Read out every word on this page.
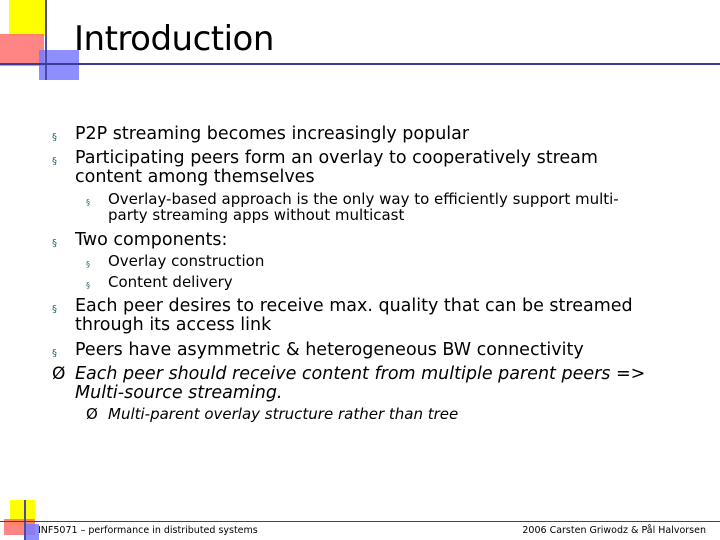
Introduction
§ P2P streaming becomes increasingly popular
§ Participating peers form an overlay to cooperatively stream
content among themselves
§ Overlay-based approach is the only way to efficiently support multi-
party streaming apps without multicast
§ Two components:
§ Overlay construction
§ Content delivery
§ Each peer desires to receive max. quality that can be streamed
through its access link
§ Peers have asymmetric & heterogeneous BW connectivity
Ø Each peer should receive content from multiple parent peers =>
Multi-source streaming.
Ø Multi-parent overlay structure rather than tree
INF5071 – performance in distributed systems	2006 Carsten Griwodz & Pål Halvorsen
